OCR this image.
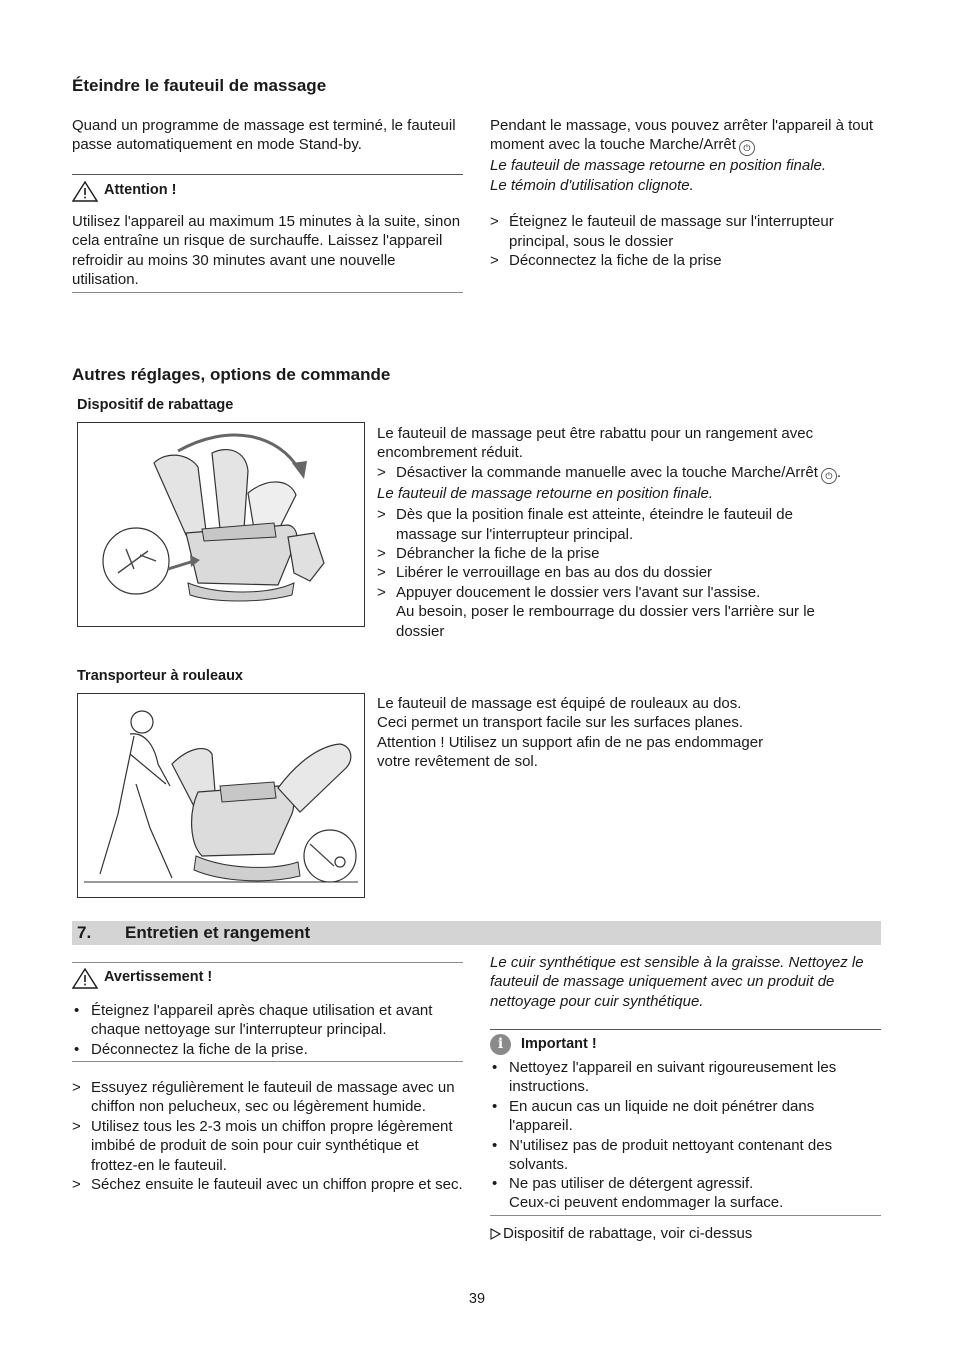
Éteindre le fauteuil de massage

Quand un programme de massage est terminé, le fauteuil passe automatiquement en mode Stand-by.

Attention !

Utilisez l'appareil au maximum 15 minutes à la suite, sinon cela entraîne un risque de surchauffe. Laissez l'appareil refroidir au moins 30 minutes avant une nouvelle utilisation.

Pendant le massage, vous pouvez arrêter l'appareil à tout moment avec la touche Marche/Arrêt ⏻

Le fauteuil de massage retourne en position finale.

Le témoin d'utilisation clignote.

> Éteignez le fauteuil de massage sur l'interrupteur principal, sous le dossier
> Déconnectez la fiche de la prise
Autres réglages, options de commande
Dispositif de rabattage

Le fauteuil de massage peut être rabattu pour un rangement avec encombrement réduit.

> Désactiver la commande manuelle avec la touche Marche/Arrêt ⏻ .

Le fauteuil de massage retourne en position finale.

> Dès que la position finale est atteinte, éteindre le fauteuil de massage sur l'interrupteur principal.
> Débrancher la fiche de la prise
> Libérer le verrouillage en bas au dos du dossier
> Appuyer doucement le dossier vers l'avant sur l'assise.

Au besoin, poser le rembourrage du dossier vers l'arrière sur le dossier

Transporteur à rouleaux

Le fauteuil de massage est équipé de rouleaux au dos.

Ceci permet un transport facile sur les surfaces planes.

Attention ! Utilisez un support afin de ne pas endommager

votre revêtement de sol.

7.	Entretien et rangement
Avertissement !
• Éteignez l'appareil après chaque utilisation et avant chaque nettoyage sur l'interrupteur principal.
• Déconnectez la fiche de la prise.
> Essuyez régulièrement le fauteuil de massage avec un chiffon non pelucheux, sec ou légèrement humide.
> Utilisez tous les 2-3 mois un chiffon propre légèrement imbibé de produit de soin pour cuir synthétique et frottez-en le fauteuil.
> Séchez ensuite le fauteuil avec un chiffon propre et sec.

Le cuir synthétique est sensible à la graisse. Nettoyez le fauteuil de massage uniquement avec un produit de nettoyage pour cuir synthétique.

i	Important !
• Nettoyez l'appareil en suivant rigoureusement les instructions.
• En aucun cas un liquide ne doit pénétrer dans l'appareil.
• N'utilisez pas de produit nettoyant contenant des solvants.
• Ne pas utiliser de détergent agressif.

Ceux-ci peuvent endommager la surface.

Dispositif de rabattage, voir ci-dessus
39
